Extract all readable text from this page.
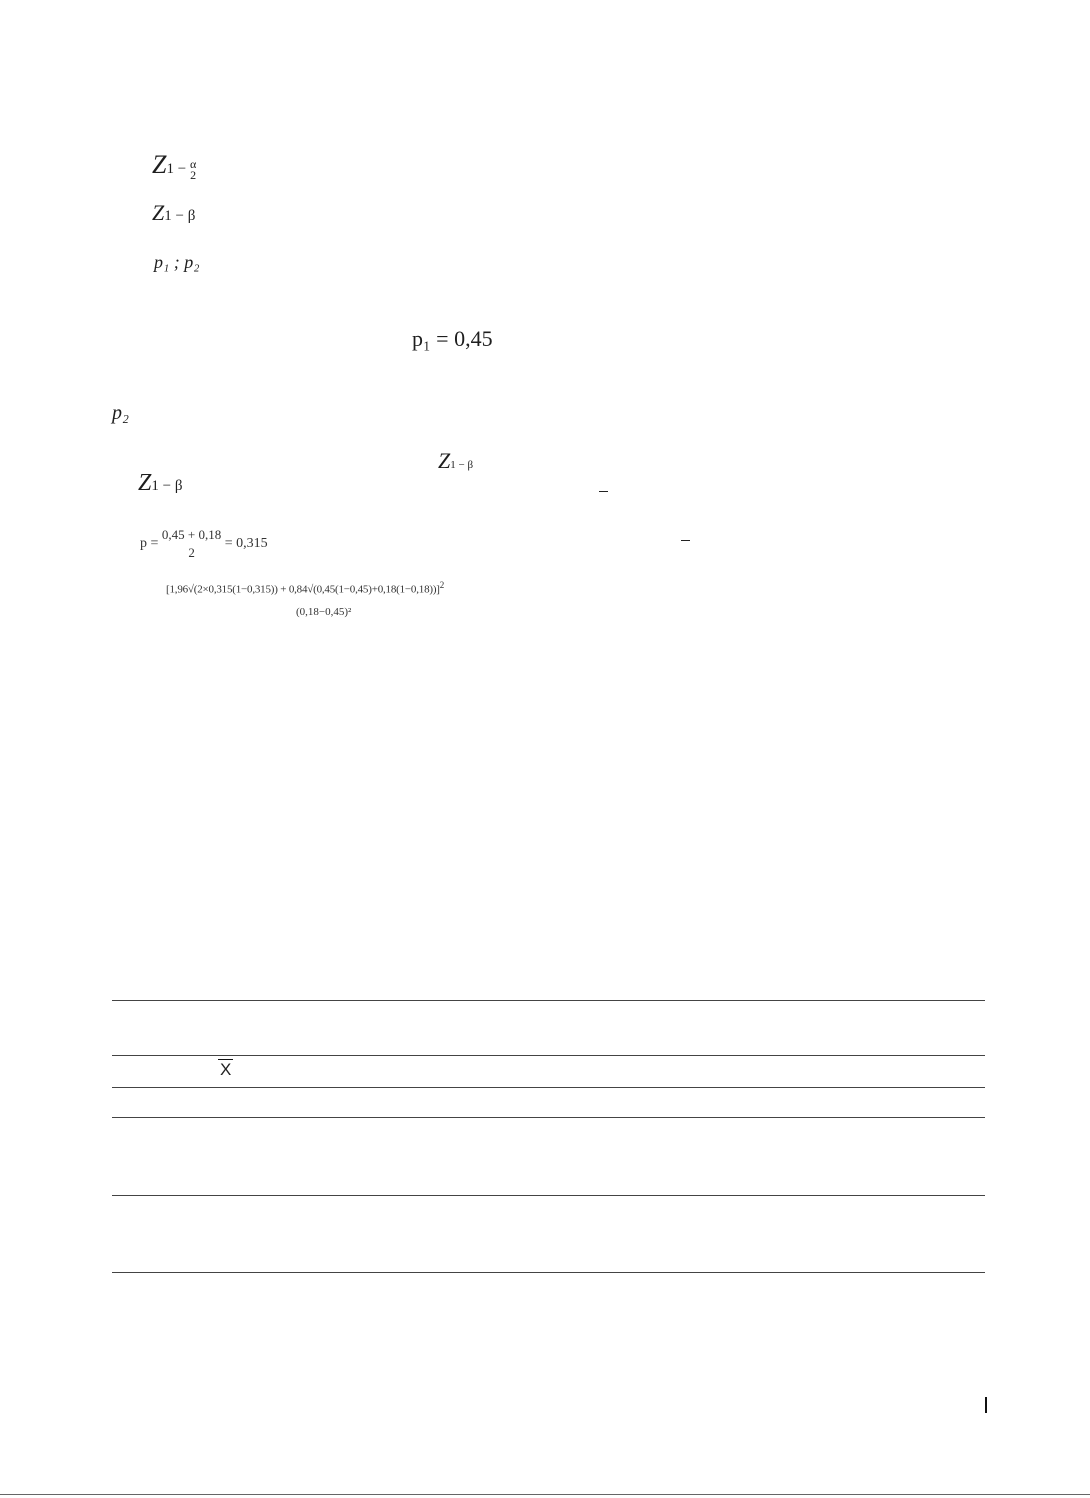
Z1 − α
2
Z1 − β
p₁ ; p₂
p₁ = 0,45
p₂
Z1 − β
Z1 − β
p = 0,45 + 0,18
2 = 0,315
$[1,96√(2\times 0,315(1-0,315)) + 0,84√(0,45(1-0,45)+0,18(1-0,18))]^2$
(0,18−0,45)²
X
